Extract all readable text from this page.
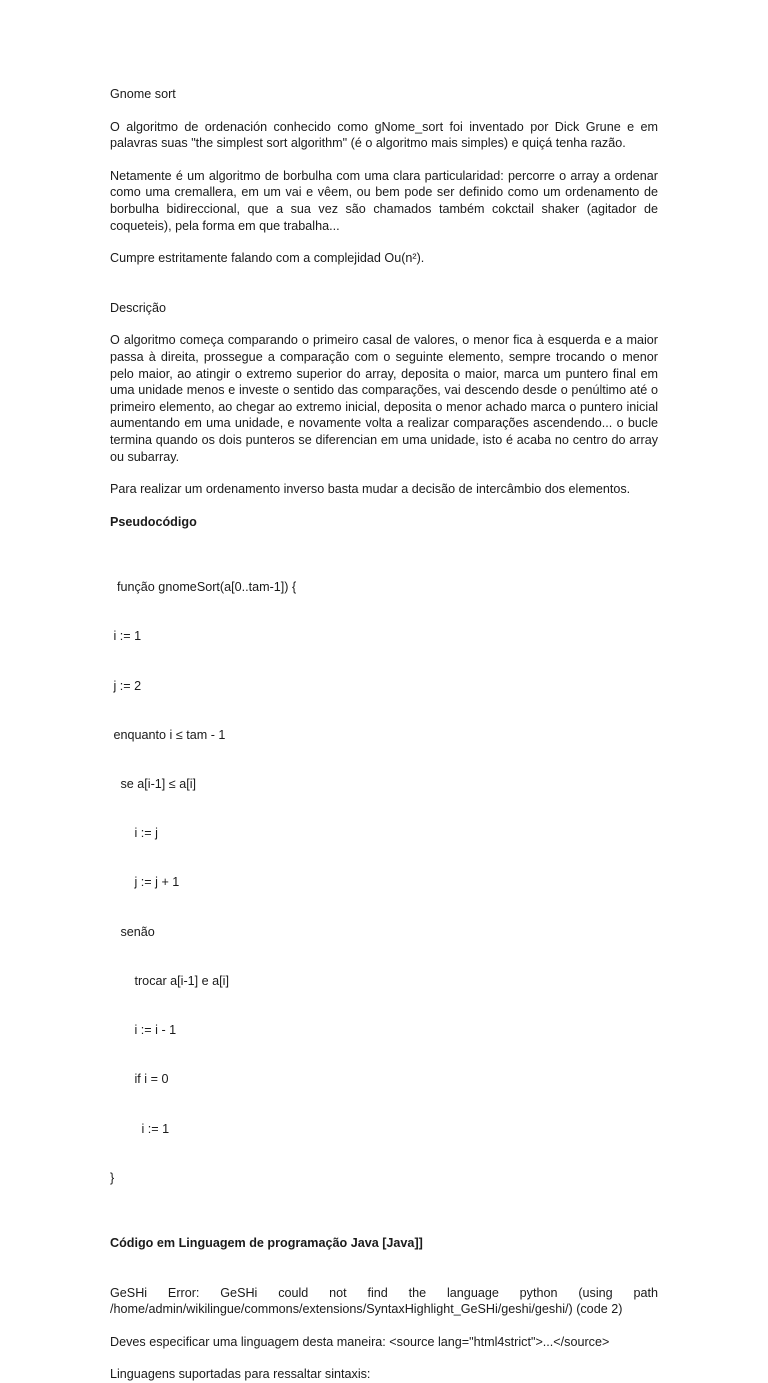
Gnome sort

O algoritmo de ordenación conhecido como gNome_sort foi inventado por Dick Grune e em palavras suas "the simplest sort algorithm" (é o algoritmo mais simples) e quiçá tenha razão.

Netamente é um algoritmo de borbulha com uma clara particularidad: percorre o array a ordenar como uma cremallera, em um vai e vêem, ou bem pode ser definido como um ordenamento de borbulha bidireccional, que a sua vez são chamados também cokctail shaker (agitador de coqueteis), pela forma em que trabalha...

Cumpre estritamente falando com a complejidad Ou(n²).

Descrição

O algoritmo começa comparando o primeiro casal de valores, o menor fica à esquerda e a maior passa à direita, prossegue a comparação com o seguinte elemento, sempre trocando o menor pelo maior, ao atingir o extremo superior do array, deposita o maior, marca um puntero final em uma unidade menos e investe o sentido das comparações, vai descendo desde o penúltimo até o primeiro elemento, ao chegar ao extremo inicial, deposita o menor achado marca o puntero inicial aumentando em uma unidade, e novamente volta a realizar comparações ascendendo... o bucle termina quando os dois punteros se diferencian em uma unidade, isto é acaba no centro do array ou subarray.

Para realizar um ordenamento inverso basta mudar a decisão de intercâmbio dos elementos.

Pseudocódigo

função gnomeSort(a[0..tam-1]) {

i := 1

j := 2

enquanto i ≤ tam - 1

se a[i-1] ≤ a[i]

i := j

j := j + 1

senão

trocar a[i-1] e a[i]

i := i - 1

if i = 0

i := 1

}

Código em Linguagem de programação Java [Java]]

GeSHi Error: GeSHi could not find the language python (using path /home/admin/wikilingue/commons/extensions/SyntaxHighlight_GeSHi/geshi/geshi/) (code 2)

Deves especificar uma linguagem desta maneira: <source lang="html4strict">...</source>

Linguagens suportadas para ressaltar sintaxis:
